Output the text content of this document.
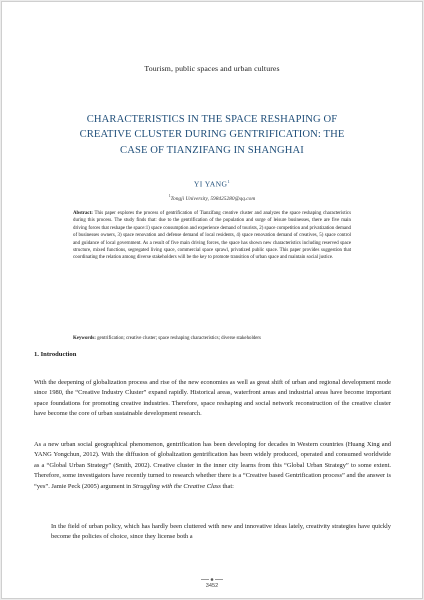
Tourism, public spaces and urban cultures
CHARACTERISTICS IN THE SPACE RESHAPING OF CREATIVE CLUSTER DURING GENTRIFICATION: THE CASE OF TIANZIFANG IN SHANGHAI
YI YANG$^1$
$^1$Tongji University, 598425280@qq.com

Abstract: This paper explores the process of gentrification of Tianzifang creative cluster and analyzes the space reshaping characteristics during this process. The study finds that: due to the gentrification of the population and surge of leisure businesses, there are five main driving forces that reshape the space:1) space consumption and experience demand of tourists, 2) space competition and privatization demand of businesses owners, 3) space renovation and defense demand of local residents, 4) space renovation demand of creatives, 5) space control and guidance of local government. As a result of five main driving forces, the space has shown new characteristics including reserved space structure, mixed functions, segregated living space, commercial space sprawl, privatized public space. This paper provides suggestion that coordinating the relation among diverse stakeholders will be the key to promote transition of urban space and maintain social justice.

Keywords: gentrification; creative cluster; space reshaping characteristics; diverse stakeholders

1. Introduction

With the deepening of globalization process and rise of the new economies as well as great shift of urban and regional development mode since 1980, the “Creative Industry Cluster” expand rapidly. Historical areas, waterfront areas and industrial areas have become important space foundations for promoting creative industries. Therefore, space reshaping and social network reconstruction of the creative cluster have become the core of urban sustainable development research.

As a new urban social geographical phenomenon, gentrification has been developing for decades in Western countries (Huang Xing and YANG Yongchun, 2012). With the diffusion of globalization gentrification has been widely produced, operated and consumed worldwide as a “Global Urban Strategy” (Smith, 2002). Creative cluster in the inner city learns from this “Global Urban Strategy” to some extent. Therefore, some investigators have recently turned to research whether there is a “Creative based Gentrification process” and the answer is “yes”. Jamie Peck (2005) argument in Struggling with the Creative Class that:

In the field of urban policy, which has hardly been cluttered with new and innovative ideas lately, creativity strategies have quickly become the policies of choice, since they license both a

3452
